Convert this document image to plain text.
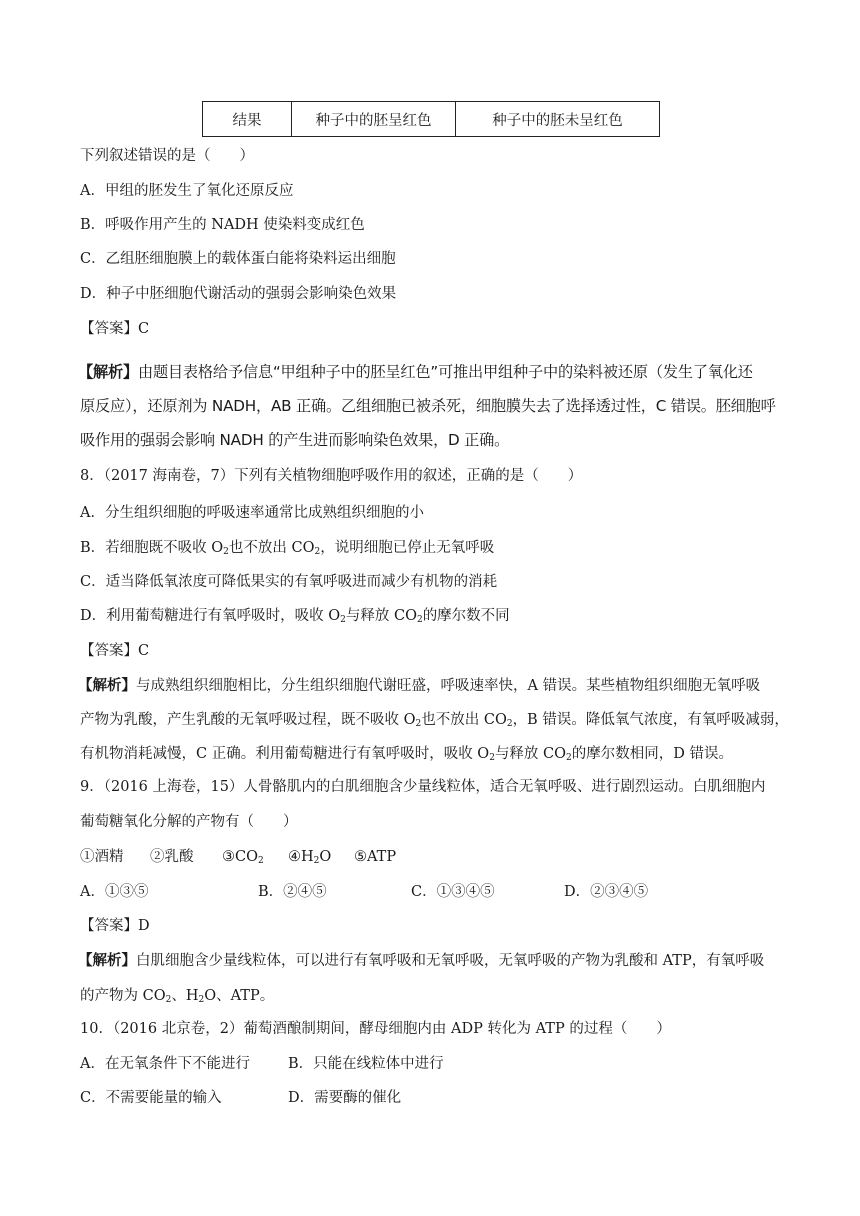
结果	种子中的胚呈红色	种子中的胚未呈红色
下列叙述错误的是（　　）
A．甲组的胚发生了氧化还原反应
B．呼吸作用产生的 NADH 使染料变成红色
C．乙组胚细胞膜上的载体蛋白能将染料运出细胞
D．种子中胚细胞代谢活动的强弱会影响染色效果
【答案】C
【解析】由题目表格给予信息“甲组种子中的胚呈红色”可推出甲组种子中的染料被还原（发生了氧化还
原反应），还原剂为 NADH，AB 正确。乙组细胞已被杀死，细胞膜失去了选择透过性，C 错误。胚细胞呼
吸作用的强弱会影响 NADH 的产生进而影响染色效果，D 正确。
8．（2017 海南卷，7）下列有关植物细胞呼吸作用的叙述，正确的是（　　）
A．分生组织细胞的呼吸速率通常比成熟组织细胞的小
B．若细胞既不吸收 $O_2$也不放出 $CO_2$，说明细胞已停止无氧呼吸
C．适当降低氧浓度可降低果实的有氧呼吸进而减少有机物的消耗
D．利用葡萄糖进行有氧呼吸时，吸收 $O_2$与释放 $CO_2$的摩尔数不同
【答案】C
【解析】与成熟组织细胞相比，分生组织细胞代谢旺盛，呼吸速率快，A 错误。某些植物组织细胞无氧呼吸
产物为乳酸，产生乳酸的无氧呼吸过程，既不吸收 $O_2$也不放出 $CO_2$，B 错误。降低氧气浓度，有氧呼吸减弱，
有机物消耗减慢，C 正确。利用葡萄糖进行有氧呼吸时，吸收 $O_2$与释放 $CO_2$的摩尔数相同，D 错误。
9．（2016 上海卷，15）人骨骼肌内的白肌细胞含少量线粒体，适合无氧呼吸、进行剧烈运动。白肌细胞内
葡萄糖氧化分解的产物有（　　）
①酒精 ②乳酸 $③CO_2$ $④H_2O$ ⑤ATP
A．①③⑤	B．②④⑤	C．①③④⑤	D．②③④⑤
【答案】D
【解析】白肌细胞含少量线粒体，可以进行有氧呼吸和无氧呼吸，无氧呼吸的产物为乳酸和 ATP，有氧呼吸
的产物为 $CO_2$、$H_2O$、ATP。
10．（2016 北京卷，2）葡萄酒酿制期间，酵母细胞内由 ADP 转化为 ATP 的过程（　　）
A．在无氧条件下不能进行	B．只能在线粒体中进行
C．不需要能量的输入	D．需要酶的催化
